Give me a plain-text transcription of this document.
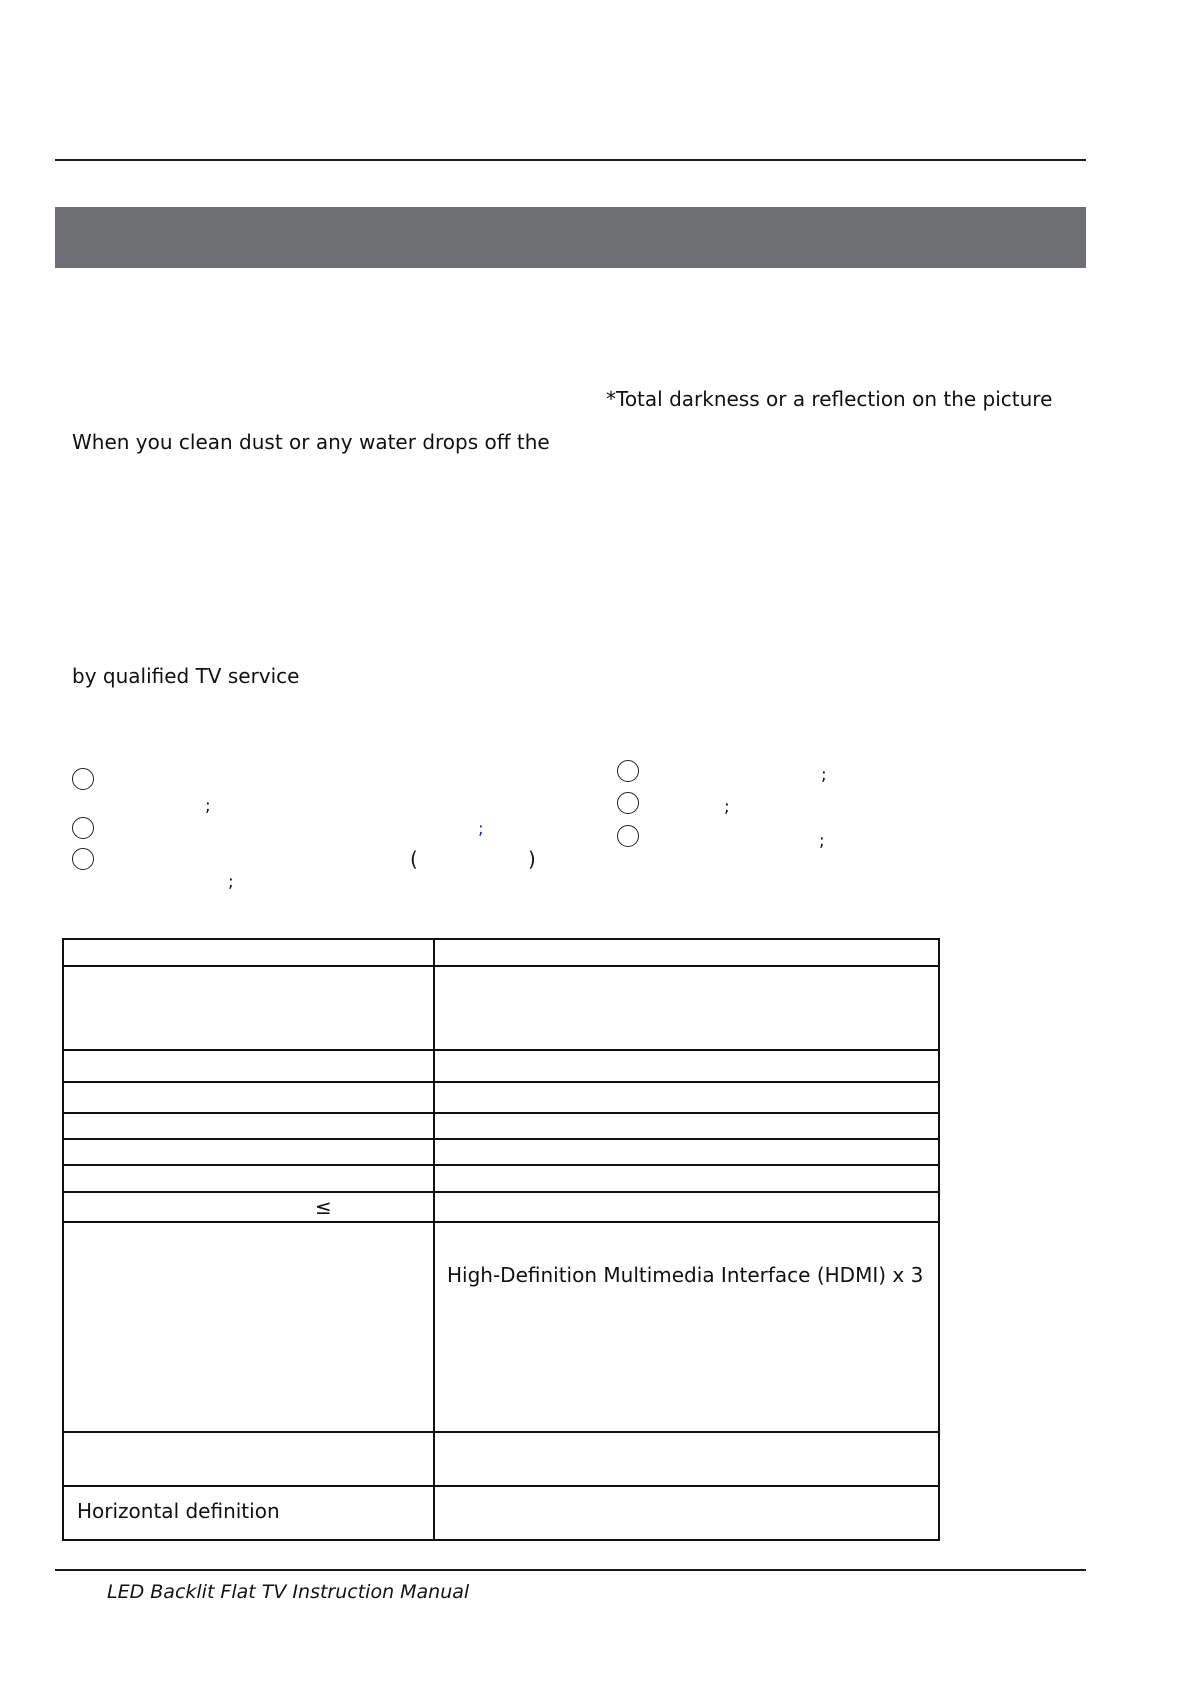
*Total darkness or a reflection on the picture
When you clean dust or any water drops off the
by qualified TV service
;
;
(	)
;
;
;
;
≤
High-Definition Multimedia Interface (HDMI) x 3
Horizontal definition
LED Backlit Flat TV Instruction Manual
